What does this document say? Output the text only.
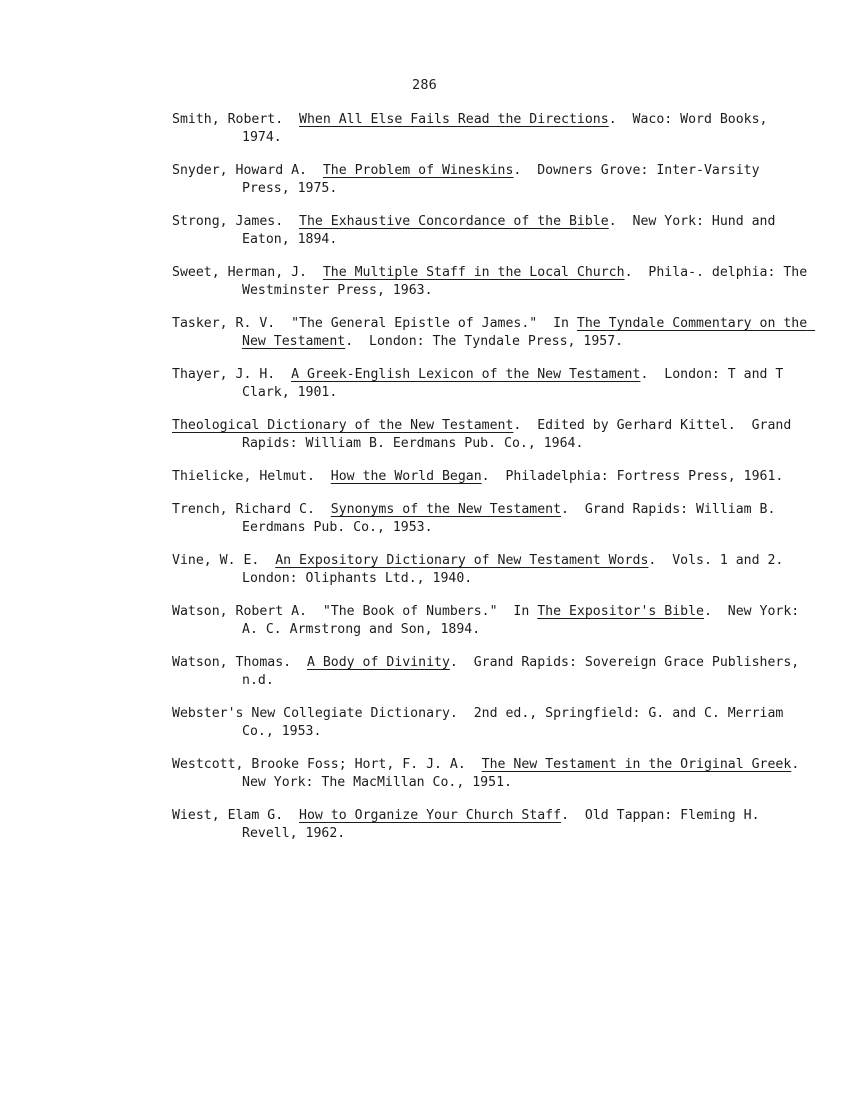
286

Smith, Robert.  When All Else Fails Read the Directions.  Waco: Word Books, 1974.

Snyder, Howard A.  The Problem of Wineskins.  Downers Grove: Inter-Varsity Press, 1975.

Strong, James.  The Exhaustive Concordance of the Bible.  New York: Hund and Eaton, 1894.

Sweet, Herman, J.  The Multiple Staff in the Local Church.  Phila-. delphia: The Westminster Press, 1963.

Tasker, R. V.  "The General Epistle of James."  In The Tyndale Commentary on the New Testament.  London: The Tyndale Press, 1957.

Thayer, J. H.  A Greek-English Lexicon of the New Testament.  London: T and T Clark, 1901.

Theological Dictionary of the New Testament.  Edited by Gerhard Kittel.  Grand Rapids: William B. Eerdmans Pub. Co., 1964.

Thielicke, Helmut.  How the World Began.  Philadelphia: Fortress Press, 1961.

Trench, Richard C.  Synonyms of the New Testament.  Grand Rapids: William B. Eerdmans Pub. Co., 1953.

Vine, W. E.  An Expository Dictionary of New Testament Words.  Vols. 1 and 2.  London: Oliphants Ltd., 1940.

Watson, Robert A.  "The Book of Numbers."  In The Expositor's Bible.  New York: A. C. Armstrong and Son, 1894.

Watson, Thomas.  A Body of Divinity.  Grand Rapids: Sovereign Grace Publishers, n.d.

Webster's New Collegiate Dictionary.  2nd ed., Springfield: G. and C. Merriam Co., 1953.

Westcott, Brooke Foss; Hort, F. J. A.  The New Testament in the Original Greek.  New York: The MacMillan Co., 1951.

Wiest, Elam G.  How to Organize Your Church Staff.  Old Tappan: Fleming H. Revell, 1962.
